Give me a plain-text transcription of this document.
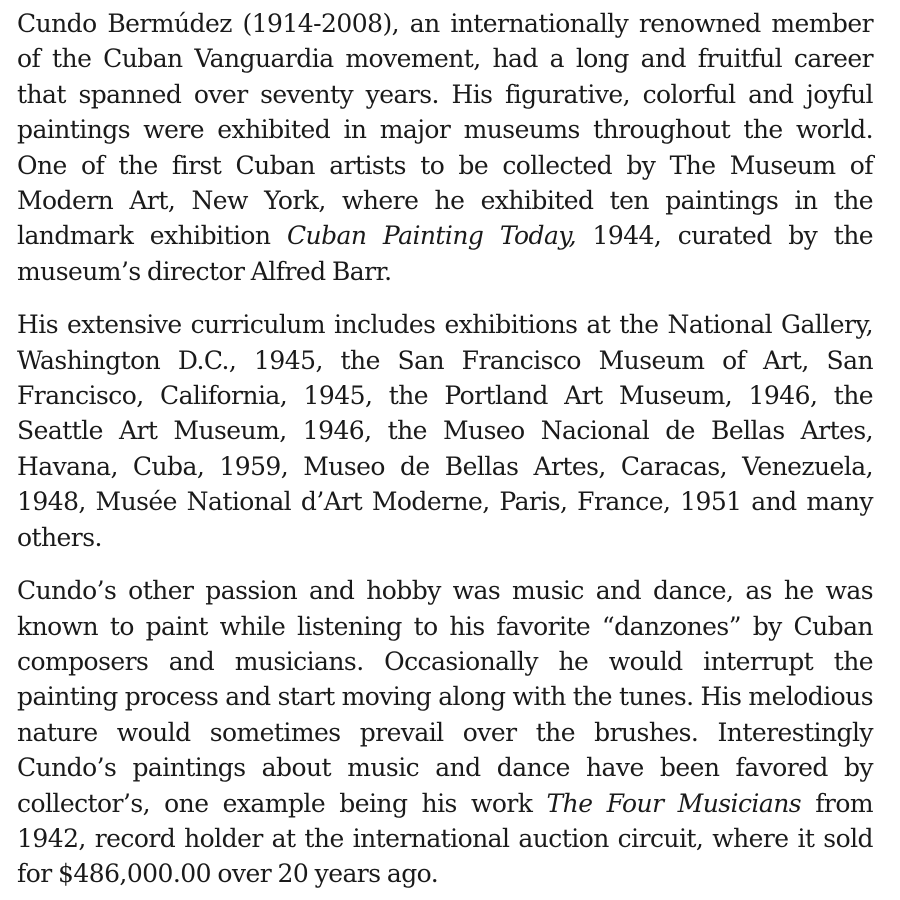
Cundo Bermúdez (1914-2008), an internationally renowned member of the Cuban Vanguardia movement, had a long and fruitful career that spanned over seventy years. His figurative, colorful and joyful paintings were exhibited in major museums throughout the world. One of the first Cuban artists to be collected by The Museum of Modern Art, New York, where he exhibited ten paintings in the landmark exhibition Cuban Painting Today, 1944, curated by the museum’s director Alfred Barr.

His extensive curriculum includes exhibitions at the National Gallery, Washington D.C., 1945, the San Francisco Museum of Art, San Francisco, California, 1945, the Portland Art Museum, 1946, the Seattle Art Museum, 1946, the Museo Nacional de Bellas Artes, Havana, Cuba, 1959, Museo de Bellas Artes, Caracas, Venezuela, 1948, Musée National d’Art Moderne, Paris, France, 1951 and many others.

Cundo’s other passion and hobby was music and dance, as he was known to paint while listening to his favorite “danzones” by Cuban composers and musicians. Occasionally he would interrupt the painting process and start moving along with the tunes. His melodious nature would sometimes prevail over the brushes. Interestingly Cundo’s paintings about music and dance have been favored by collector’s, one example being his work The Four Musicians from 1942, record holder at the international auction circuit, where it sold for $486,000.00 over 20 years ago.
